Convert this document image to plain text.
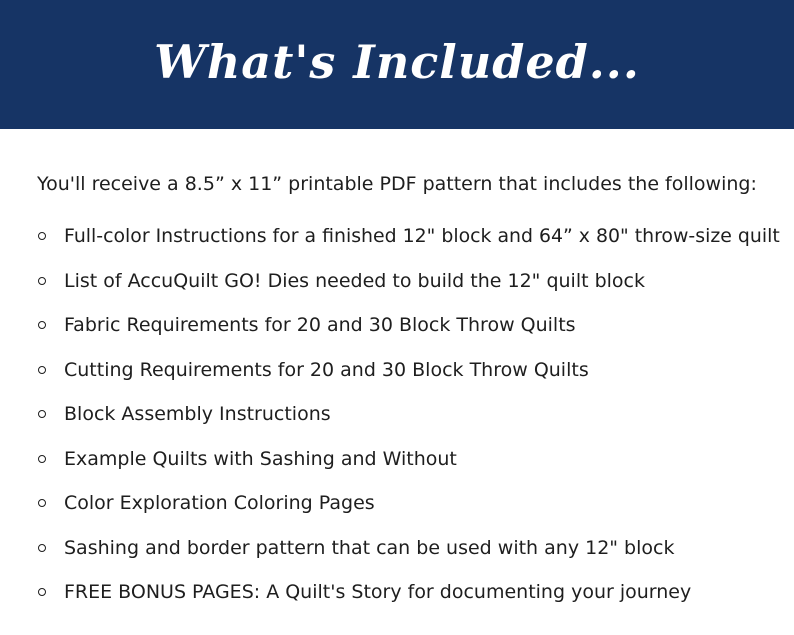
What's Included...
You'll receive a 8.5” x 11” printable PDF pattern that includes the following:
Full-color Instructions for a finished 12" block and 64” x 80" throw-size quilt
List of AccuQuilt GO! Dies needed to build the 12" quilt block
Fabric Requirements for 20 and 30 Block Throw Quilts
Cutting Requirements for 20 and 30 Block Throw Quilts
Block Assembly Instructions
Example Quilts with Sashing and Without
Color Exploration Coloring Pages
Sashing and border pattern that can be used with any 12" block
FREE BONUS PAGES: A Quilt's Story for documenting your journey
